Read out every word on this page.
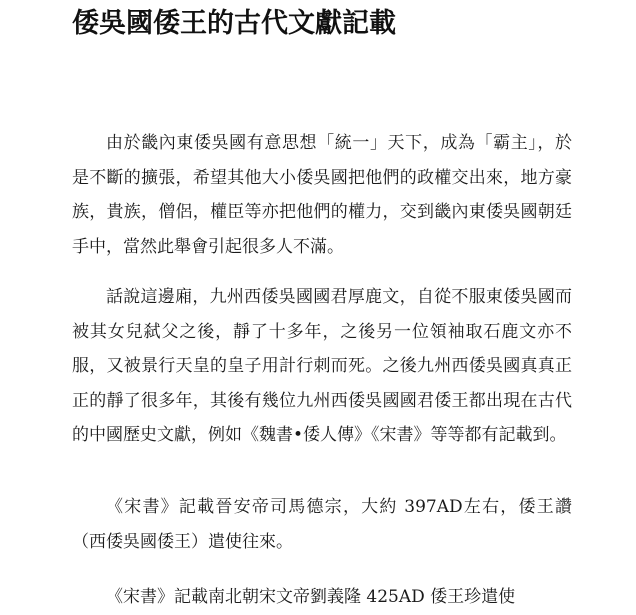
倭吳國倭王的古代文獻記載

由於畿內東倭吳國有意思想「統一」天下，成為「霸主」，於是不斷的擴張，希望其他大小倭吳國把他們的政權交出來，地方豪族，貴族，僧侶，權臣等亦把他們的權力，交到畿內東倭吳國朝廷手中，當然此舉會引起很多人不滿。

話說這邊廂，九州西倭吳國國君厚鹿文，自從不服東倭吳國而被其女兒弑父之後，靜了十多年，之後另一位領袖取石鹿文亦不服，又被景行天皇的皇子用計行刺而死。之後九州西倭吳國真真正正的靜了很多年，其後有幾位九州西倭吳國國君倭王都出現在古代的中國歷史文獻，例如《魏書•倭人傳》《宋書》等等都有記載到。

《宋書》記載晉安帝司馬德宗，大約 397AD左右，倭王讚（西倭吳國倭王）遣使往來。

《宋書》記載南北朝宋文帝劉義隆 425AD 倭王珍遣使
